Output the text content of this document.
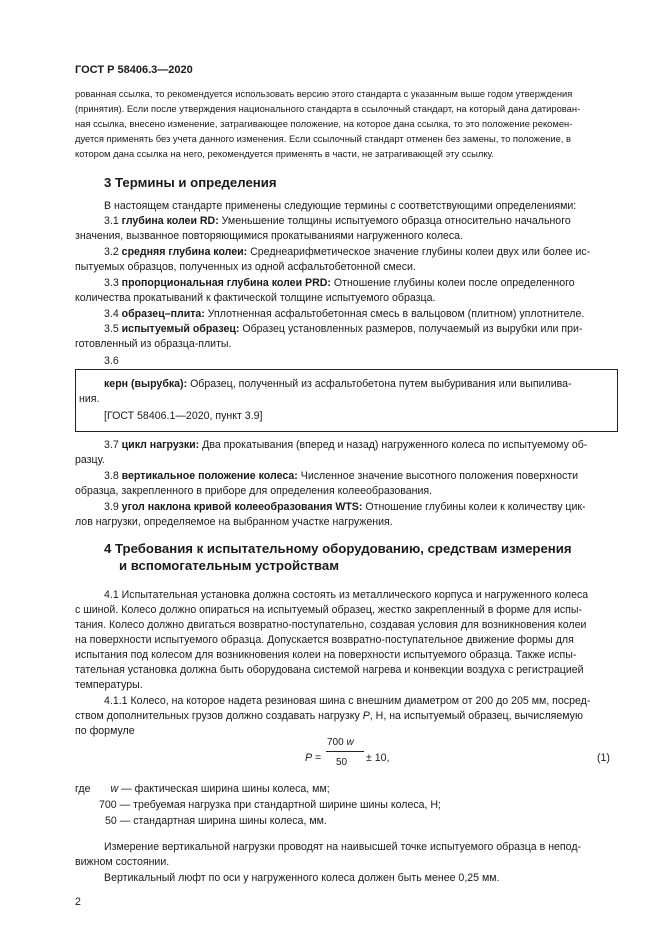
ГОСТ Р 58406.3—2020
рованная ссылка, то рекомендуется использовать версию этого стандарта с указанным выше годом утверждения
(принятия). Если после утверждения национального стандарта в ссылочный стандарт, на который дана датирован-
ная ссылка, внесено изменение, затрагивающее положение, на которое дана ссылка, то это положение рекомен-
дуется применять без учета данного изменения. Если ссылочный стандарт отменен без замены, то положение, в
котором дана ссылка на него, рекомендуется применять в части, не затрагивающей эту ссылку.
3 Термины и определения
В настоящем стандарте применены следующие термины с соответствующими определениями:
3.1 глубина колеи RD: Уменьшение толщины испытуемого образца относительно начального
значения, вызванное повторяющимися прокатываниями нагруженного колеса.
3.2 средняя глубина колеи: Среднеарифметическое значение глубины колеи двух или более ис-
пытуемых образцов, полученных из одной асфальтобетонной смеси.
3.3 пропорциональная глубина колеи PRD: Отношение глубины колеи после определенного
количества прокатываний к фактической толщине испытуемого образца.
3.4 образец–плита: Уплотненная асфальтобетонная смесь в вальцовом (плитном) уплотнителе.
3.5 испытуемый образец: Образец установленных размеров, получаемый из вырубки или при-
готовленный из образца-плиты.
3.6
керн (вырубка): Образец, полученный из асфальтобетона путем выбуривания или выпилива-
ния.
[ГОСТ 58406.1—2020, пункт 3.9]
3.7 цикл нагрузки: Два прокатывания (вперед и назад) нагруженного колеса по испытуемому об-
разцу.
3.8 вертикальное положение колеса: Численное значение высотного положения поверхности
образца, закрепленного в приборе для определения колееобразования.
3.9 угол наклона кривой колееобразования WTS: Отношение глубины колеи к количеству цик-
лов нагрузки, определяемое на выбранном участке нагружения.
4 Требования к испытательному оборудованию, средствам измерения
и вспомогательным устройствам
4.1 Испытательная установка должна состоять из металлического корпуса и нагруженного колеса
с шиной. Колесо должно опираться на испытуемый образец, жестко закрепленный в форме для испы-
тания. Колесо должно двигаться возвратно-поступательно, создавая условия для возникновения колеи
на поверхности испытуемого образца. Допускается возвратно-поступательное движение формы для
испытания под колесом для возникновения колеи на поверхности испытуемого образца. Также испы-
тательная установка должна быть оборудована системой нагрева и конвекции воздуха с регистрацией
температуры.
4.1.1 Колесо, на которое надета резиновая шина с внешним диаметром от 200 до 205 мм, посред-
ством дополнительных грузов должно создавать нагрузку P, Н, на испытуемый образец, вычисляемую
по формуле
P =
700 w
50 ± 10,	(1)
где w — фактическая ширина шины колеса, мм;
700 — требуемая нагрузка при стандартной ширине шины колеса, Н;
50 — стандартная ширина шины колеса, мм.
Измерение вертикальной нагрузки проводят на наивысшей точке испытуемого образца в непод-
вижном состоянии.
Вертикальный люфт по оси у нагруженного колеса должен быть менее 0,25 мм.
2
